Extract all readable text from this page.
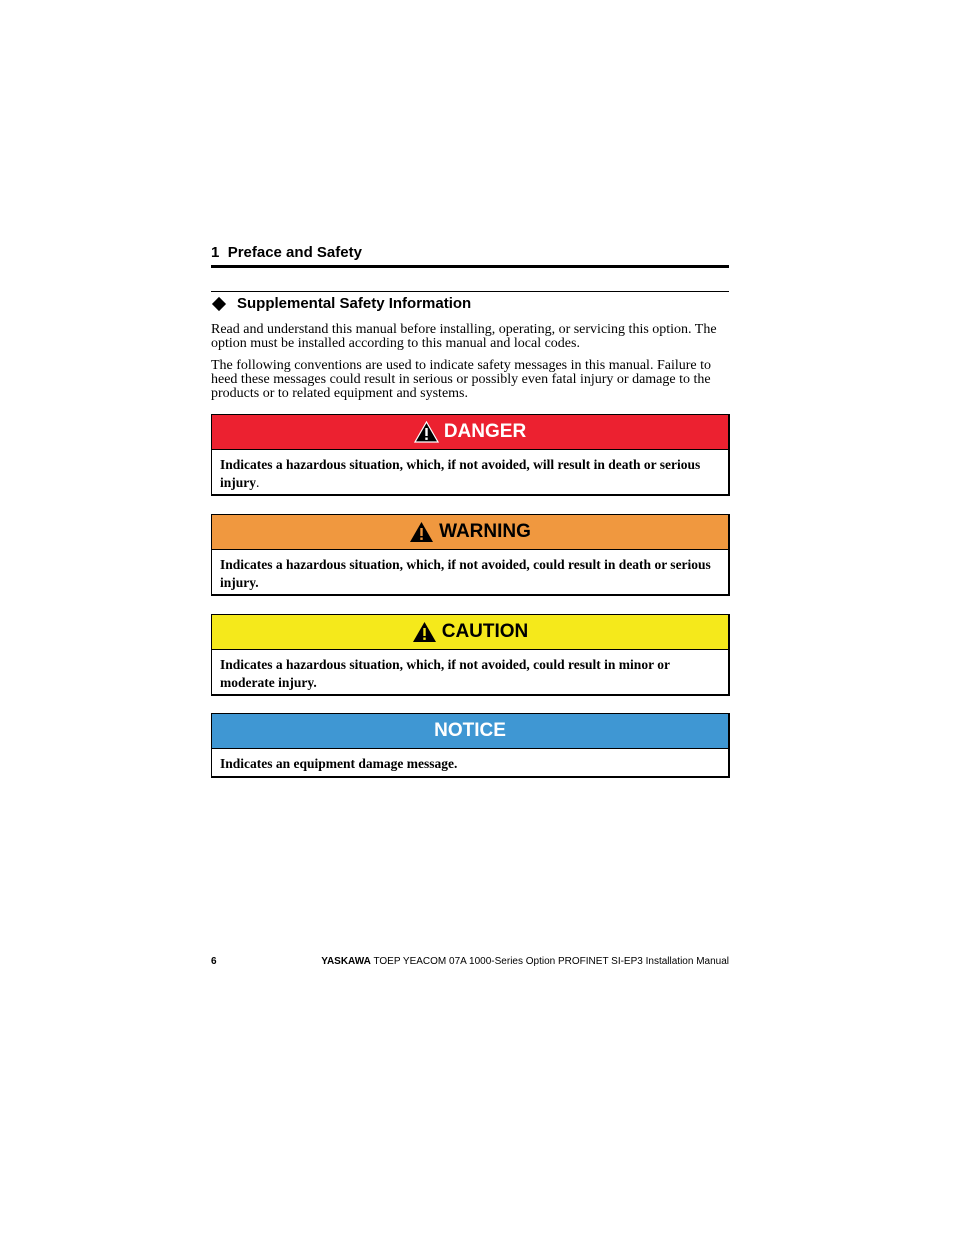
1 Preface and Safety
Supplemental Safety Information
Read and understand this manual before installing, operating, or servicing this option. The option must be installed according to this manual and local codes.
The following conventions are used to indicate safety messages in this manual. Failure to heed these messages could result in serious or possibly even fatal injury or damage to the products or to related equipment and systems.
DANGER
Indicates a hazardous situation, which, if not avoided, will result in death or serious injury.
WARNING
Indicates a hazardous situation, which, if not avoided, could result in death or serious injury.
CAUTION
Indicates a hazardous situation, which, if not avoided, could result in minor or moderate injury.
NOTICE
Indicates an equipment damage message.
6	YASKAWA TOEP YEACOM 07A 1000-Series Option PROFINET SI-EP3 Installation Manual
